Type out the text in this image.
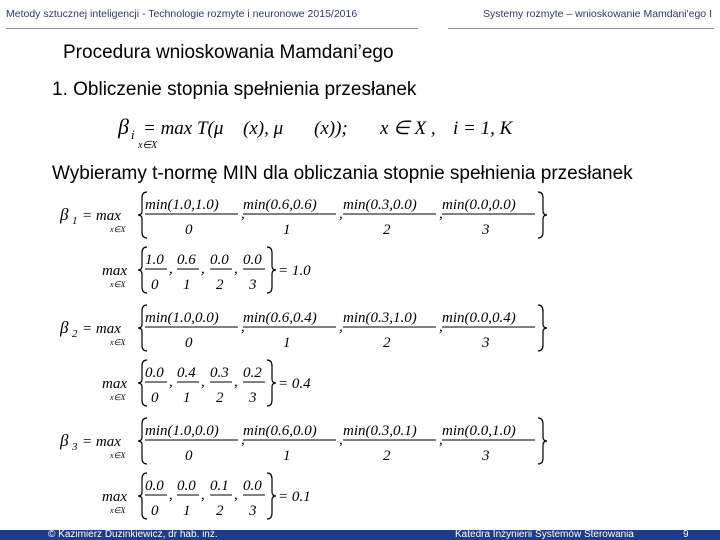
Metody sztucznej inteligencji - Technologie rozmyte i neuronowe 2015/2016	Systemy rozmyte – wnioskowanie Mamdani'ego I
Procedura wnioskowania Mamdani’ego
1. Obliczenie stopnia spełnienia przesłanek
β i = max T(μ
x∈X
(x), μ (x)); x ∈ X , i = 1, K
Wybieramy t-normę MIN dla obliczania stopnie spełnienia przesłanek
β 1 = max
x∈X
min(1.0,1.0)
0
,
min(0.6,0.6)
1
,
min(0.3,0.0)
2
,
min(0.0,0.0)
3
max
x∈X
1.0
0
,
0.6
1
,
0.0
2
,
0.0
3
= 1.0
β 2 = max
x∈X
min(1.0,0.0)
0
,
min(0.6,0.4)
1
,
min(0.3,1.0)
2
,
min(0.0,0.4)
3
max
x∈X
0.0
0
,
0.4
1
,
0.3
2
,
0.2
3
= 0.4
β 3 = max
x∈X
min(1.0,0.0)
0
,
min(0.6,0.0)
1
,
min(0.3,0.1)
2
,
min(0.0,1.0)
3
max
x∈X
0.0
0
,
0.0
1
,
0.1
2
,
0.0
3
= 0.1
© Kazimierz Duzinkiewicz, dr hab. inż.	Katedra Inżynierii Systemów Sterowania	9
